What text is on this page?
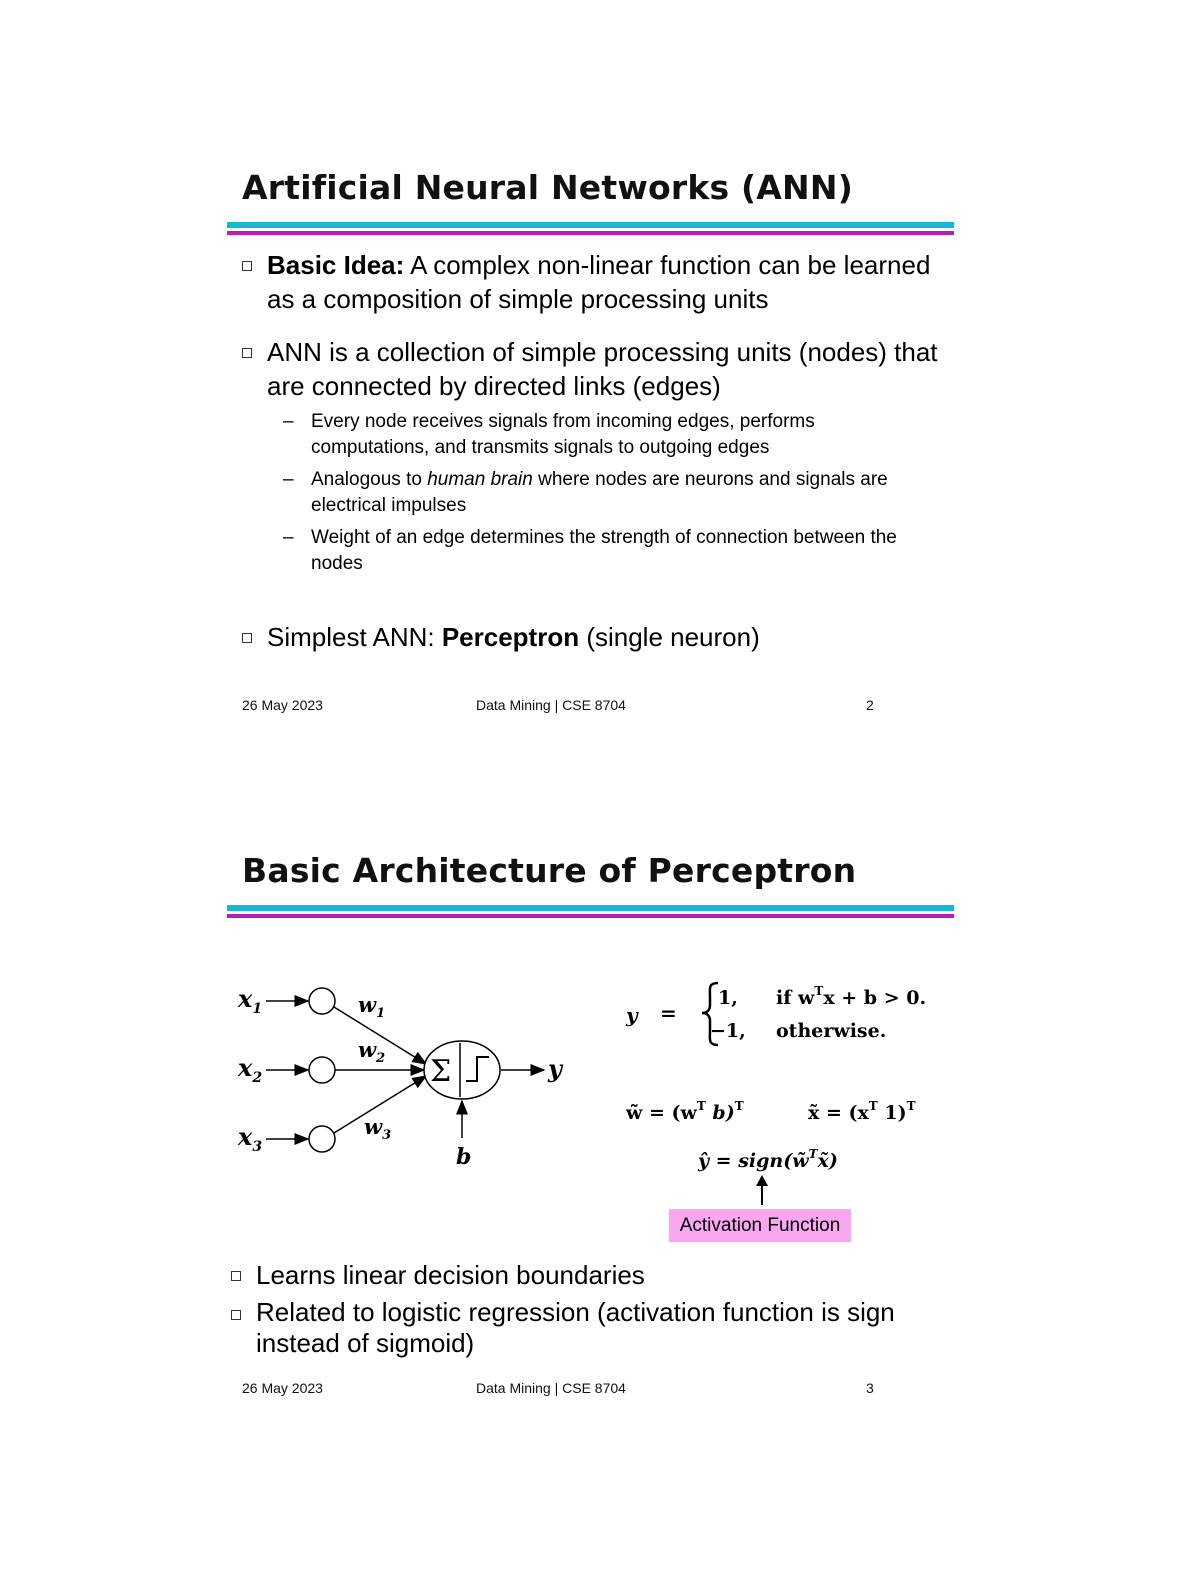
Artificial Neural Networks (ANN)

Basic Idea: A complex non-linear function can be learned as a composition of simple processing units

ANN is a collection of simple processing units (nodes) that are connected by directed links (edges)

– Every node receives signals from incoming edges, performs computations, and transmits signals to outgoing edges

– Analogous to human brain where nodes are neurons and signals are electrical impulses

– Weight of an edge determines the strength of connection between the nodes

Simplest ANN: Perceptron (single neuron)

26 May 2023	Data Mining | CSE 8704	2
Basic Architecture of Perceptron
$x_1$
$x_2$
$x_3$
$w_1$
$w_2$
$w_3$
Σ	y
b
y =
1, if $w^Tx + b > 0$.
−1, otherwise.
w̃ = ($w^T$ b)$^T$	x̃ = ($x^T$ 1)$^T$
ŷ = sign(w̃$^T$x̃)
Activation Function

Learns linear decision boundaries

Related to logistic regression (activation function is sign instead of sigmoid)

26 May 2023	Data Mining | CSE 8704	3
